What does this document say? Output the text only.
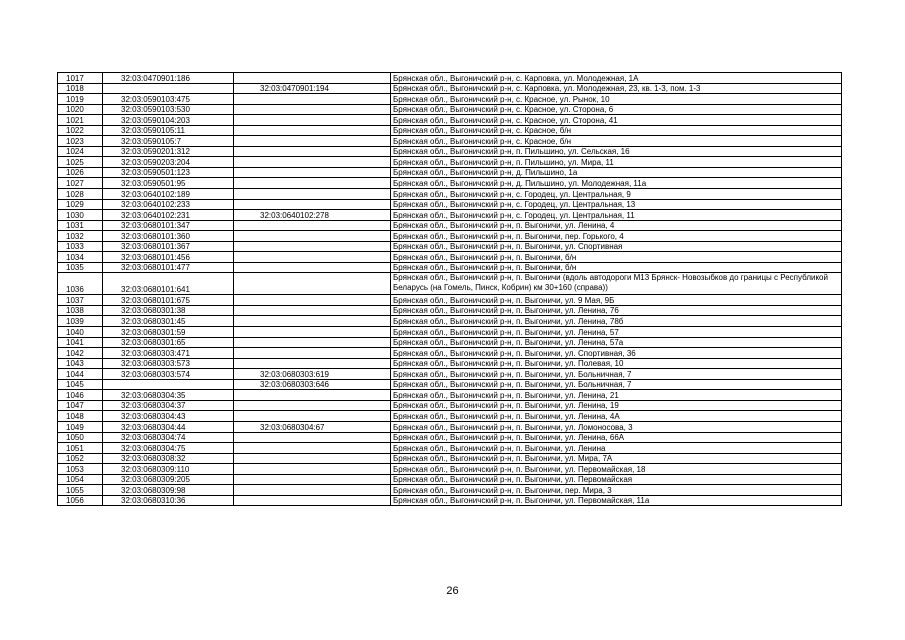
1017	32:03:0470901:186		Брянская обл., Выгоничский р-н, с. Карповка, ул. Молодежная, 1А
1018		32:03:0470901:194	Брянская обл., Выгоничский р-н, с. Карповка, ул. Молодежная, 23, кв. 1-3, пом. 1-3
1019	32:03:0590103:475		Брянская обл., Выгоничский р-н, с. Красное, ул. Рынок, 10
1020	32:03:0590103:530		Брянская обл., Выгоничский р-н, с. Красное, ул. Сторона, 6
1021	32:03:0590104:203		Брянская обл., Выгоничский р-н, с. Красное, ул. Сторона, 41
1022	32:03:0590105:11		Брянская обл., Выгоничский р-н, с. Красное, б/н
1023	32:03:0590105:7		Брянская обл., Выгоничский р-н, с. Красное, б/н
1024	32:03:0590201:312		Брянская обл., Выгоничский р-н, п. Пильшино, ул. Сельская, 16
1025	32:03:0590203:204		Брянская обл., Выгоничский р-н, п. Пильшино, ул. Мира, 11
1026	32:03:0590501:123		Брянская обл., Выгоничский р-н, д. Пильшино, 1а
1027	32:03:0590501:95		Брянская обл., Выгоничский р-н, д. Пильшино, ул. Молодежная, 11а
1028	32:03:0640102:189		Брянская обл., Выгоничский р-н, с. Городец, ул. Центральная, 9
1029	32:03:0640102:233		Брянская обл., Выгоничский р-н, с. Городец, ул. Центральная, 13
1030	32:03:0640102:231	32:03:0640102:278	Брянская обл., Выгоничский р-н, с. Городец, ул. Центральная, 11
1031	32:03:0680101:347		Брянская обл., Выгоничский р-н, п. Выгоничи, ул. Ленина, 4
1032	32:03:0680101:360		Брянская обл., Выгоничский р-н, п. Выгоничи, пер. Горького, 4
1033	32:03:0680101:367		Брянская обл., Выгоничский р-н, п. Выгоничи, ул. Спортивная
1034	32:03:0680101:456		Брянская обл., Выгоничский р-н, п. Выгоничи, б/н
1035	32:03:0680101:477		Брянская обл., Выгоничский р-н, п. Выгоничи, б/н
1036	32:03:0680101:641		Брянская обл., Выгоничский р-н, п. Выгоничи (вдоль автодороги М13 Брянск- Новозыбков до границы с Республикой Беларусь (на Гомель, Пинск, Кобрин) км 30+160 (справа))
1037	32:03:0680101:675		Брянская обл., Выгоничский р-н, п. Выгоничи, ул. 9 Мая, 9Б
1038	32:03:0680301:38		Брянская обл., Выгоничский р-н, п. Выгоничи, ул. Ленина, 76
1039	32:03:0680301:45		Брянская обл., Выгоничский р-н, п. Выгоничи, ул. Ленина, 78б
1040	32:03:0680301:59		Брянская обл., Выгоничский р-н, п. Выгоничи, ул. Ленина, 57
1041	32:03:0680301:65		Брянская обл., Выгоничский р-н, п. Выгоничи, ул. Ленина, 57а
1042	32:03:0680303:471		Брянская обл., Выгоничский р-н, п. Выгоничи, ул. Спортивная, 36
1043	32:03:0680303:573		Брянская обл., Выгоничский р-н, п. Выгоничи, ул. Полевая, 10
1044	32:03:0680303:574	32:03:0680303:619	Брянская обл., Выгоничский р-н, п. Выгоничи, ул. Больничная, 7
1045		32:03:0680303:646	Брянская обл., Выгоничский р-н, п. Выгоничи, ул. Больничная, 7
1046	32:03:0680304:35		Брянская обл., Выгоничский р-н, п. Выгоничи, ул. Ленина, 21
1047	32:03:0680304:37		Брянская обл., Выгоничский р-н, п. Выгоничи, ул. Ленина, 19
1048	32:03:0680304:43		Брянская обл., Выгоничский р-н, п. Выгоничи, ул. Ленина, 4А
1049	32:03:0680304:44	32:03:0680304:67	Брянская обл., Выгоничский р-н, п. Выгоничи, ул. Ломоносова, 3
1050	32:03:0680304:74		Брянская обл., Выгоничский р-н, п. Выгоничи, ул. Ленина, 66А
1051	32:03:0680304:75		Брянская обл., Выгоничский р-н, п. Выгоничи, ул. Ленина
1052	32:03:0680308:32		Брянская обл., Выгоничский р-н, п. Выгоничи, ул. Мира, 7А
1053	32:03:0680309:110		Брянская обл., Выгоничский р-н, п. Выгоничи, ул. Первомайская, 18
1054	32:03:0680309:205		Брянская обл., Выгоничский р-н, п. Выгоничи, ул. Первомайская
1055	32:03:0680309:98		Брянская обл., Выгоничский р-н, п. Выгоничи, пер. Мира, 3
1056	32:03:0680310:36		Брянская обл., Выгоничский р-н, п. Выгоничи, ул. Первомайская, 11а
26
